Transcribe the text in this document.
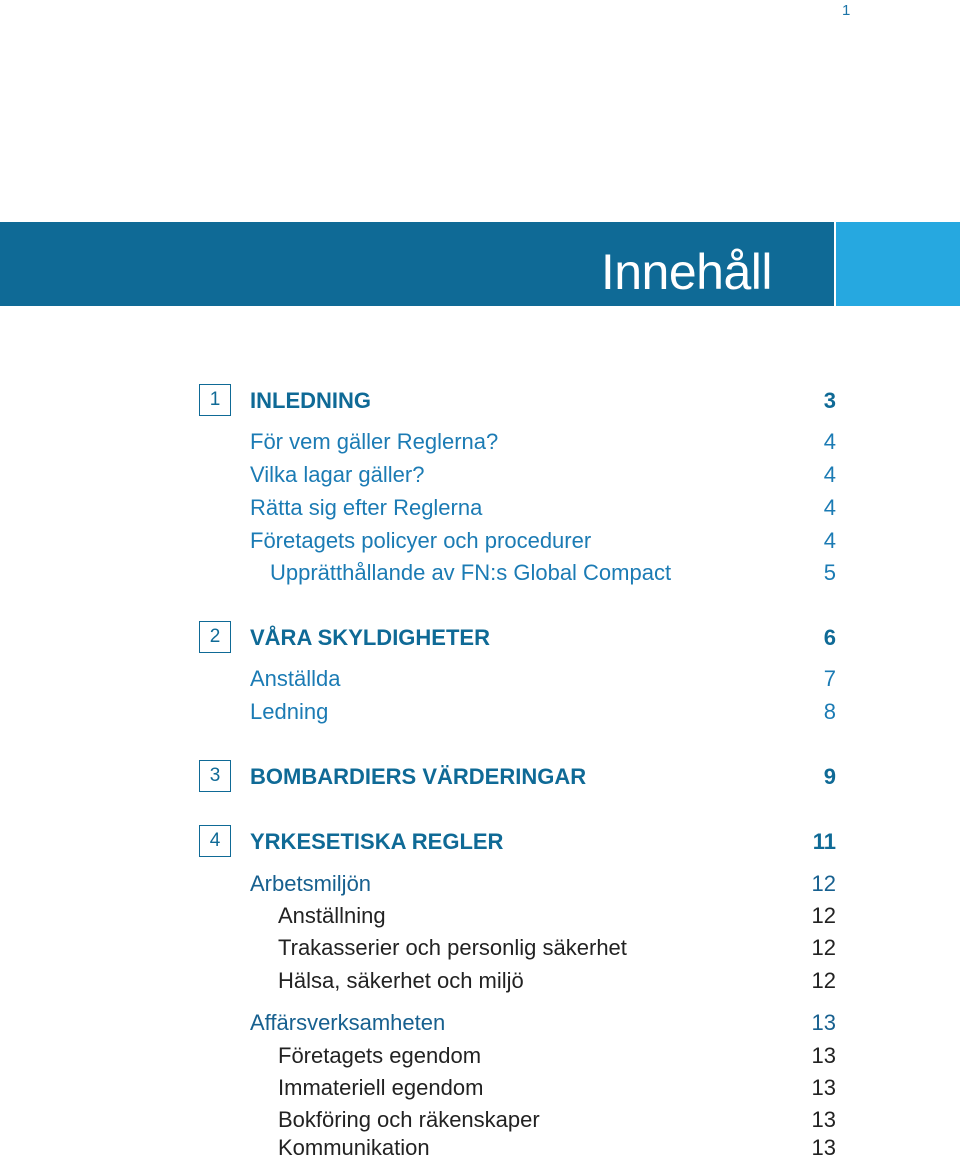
1
Innehåll
1	INLEDNING	3
För vem gäller Reglerna?	4
Vilka lagar gäller?	4
Rätta sig efter Reglerna	4
Företagets policyer och procedurer	4
Upprätthållande av FN:s Global Compact	5
2	VÅRA SKYLDIGHETER	6
Anställda	7
Ledning	8
3	BOMBARDIERS VÄRDERINGAR	9
4	YRKESETISKA REGLER	11
Arbetsmiljön	12
Anställning	12
Trakasserier och personlig säkerhet	12
Hälsa, säkerhet och miljö	12
Affärsverksamheten	13
Företagets egendom	13
Immateriell egendom	13
Bokföring och räkenskaper	13
Kommunikation	13
